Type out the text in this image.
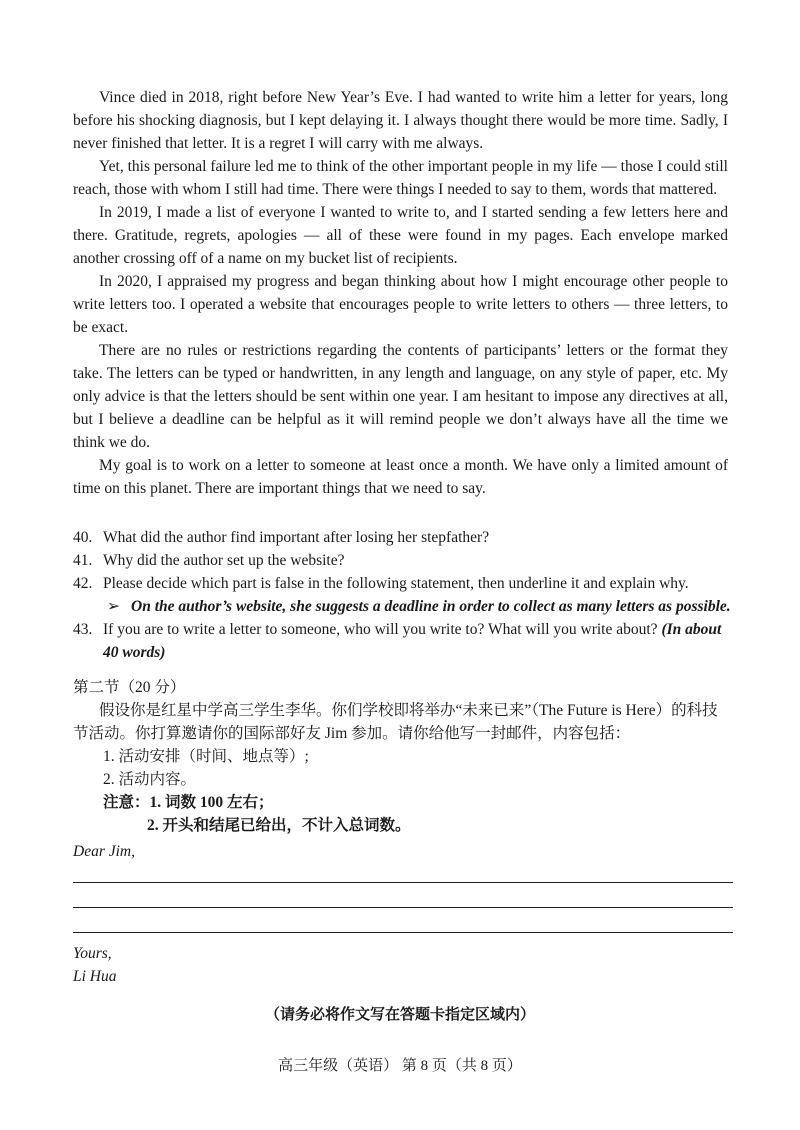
Vince died in 2018, right before New Year’s Eve. I had wanted to write him a letter for years, long before his shocking diagnosis, but I kept delaying it. I always thought there would be more time. Sadly, I never finished that letter. It is a regret I will carry with me always.

Yet, this personal failure led me to think of the other important people in my life — those I could still reach, those with whom I still had time. There were things I needed to say to them, words that mattered.

In 2019, I made a list of everyone I wanted to write to, and I started sending a few letters here and there. Gratitude, regrets, apologies — all of these were found in my pages. Each envelope marked another crossing off of a name on my bucket list of recipients.

In 2020, I appraised my progress and began thinking about how I might encourage other people to write letters too. I operated a website that encourages people to write letters to others — three letters, to be exact.

There are no rules or restrictions regarding the contents of participants’ letters or the format they take. The letters can be typed or handwritten, in any length and language, on any style of paper, etc. My only advice is that the letters should be sent within one year. I am hesitant to impose any directives at all, but I believe a deadline can be helpful as it will remind people we don’t always have all the time we think we do.

My goal is to work on a letter to someone at least once a month. We have only a limited amount of time on this planet. There are important things that we need to say.

40. What did the author find important after losing her stepfather?
41. Why did the author set up the website?
42. Please decide which part is false in the following statement, then underline it and explain why.
➢ On the author’s website, she suggests a deadline in order to collect as many letters as possible.
43. If you are to write a letter to someone, who will you write to? What will you write about? (In about 40 words)
第二节（20 分）
假设你是红星中学高三学生李华。你们学校即将举办“未来已来”（The Future is Here）的科技节活动。你打算邀请你的国际部好友 Jim 参加。请你给他写一封邮件，内容包括：
1. 活动安排（时间、地点等）;
2. 活动内容。
注意：1. 词数 100 左右；
2. 开头和结尾已给出，不计入总词数。
Dear Jim,
Yours,
Li Hua
（请务必将作文写在答题卡指定区域内）
高三年级（英语） 第 8 页（共 8 页）
